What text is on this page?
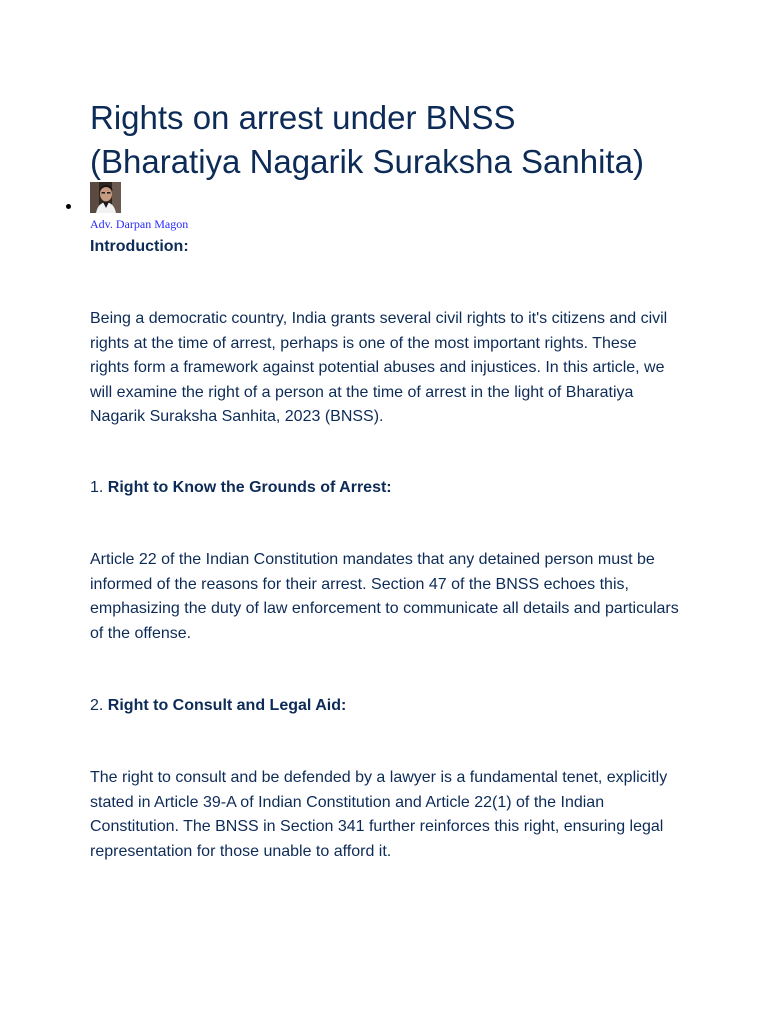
Rights on arrest under BNSS
(Bharatiya Nagarik Suraksha Sanhita)
Adv. Darpan Magon

Introduction:

Being a democratic country, India grants several civil rights to it's citizens and civil rights at the time of arrest, perhaps is one of the most important rights. These rights form a framework against potential abuses and injustices. In this article, we will examine the right of a person at the time of arrest in the light of Bharatiya Nagarik Suraksha Sanhita, 2023 (BNSS).

1. Right to Know the Grounds of Arrest:

Article 22 of the Indian Constitution mandates that any detained person must be informed of the reasons for their arrest. Section 47 of the BNSS echoes this, emphasizing the duty of law enforcement to communicate all details and particulars of the offense.

2. Right to Consult and Legal Aid:

The right to consult and be defended by a lawyer is a fundamental tenet, explicitly stated in Article 39-A of Indian Constitution and Article 22(1) of the Indian Constitution. The BNSS in Section 341 further reinforces this right, ensuring legal representation for those unable to afford it.
